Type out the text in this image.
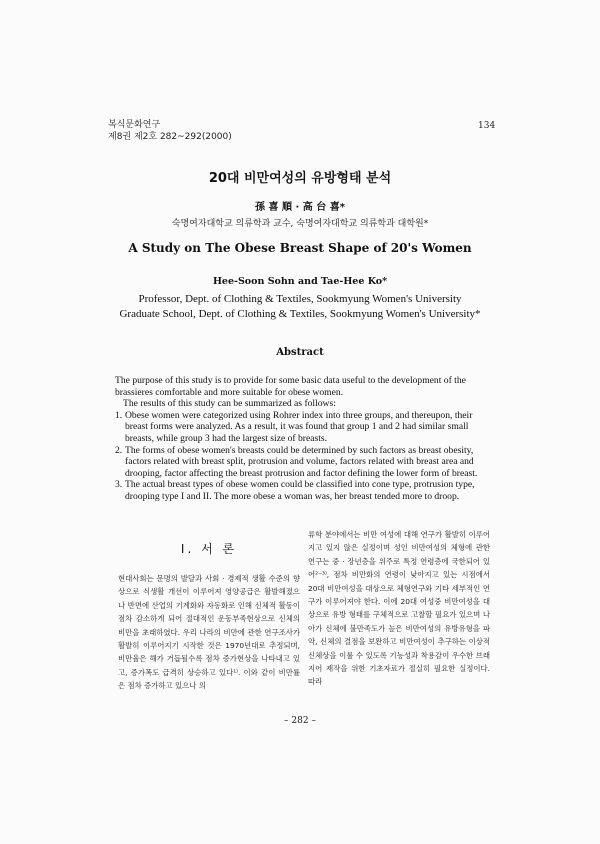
복식문화연구
제8권 제2호 282~292(2000)
134
20대 비만여성의 유방형태 분석
孫 喜 順 · 高 台 喜*
숙명여자대학교 의류학과 교수, 숙명여자대학교 의류학과 대학원*
A Study on The Obese Breast Shape of 20's Women
Hee-Soon Sohn and Tae-Hee Ko*
Professor, Dept. of Clothing & Textiles, Sookmyung Women's University
Graduate School, Dept. of Clothing & Textiles, Sookmyung Women's University*
Abstract

The purpose of this study is to provide for some basic data useful to the development of the brassieres comfortable and more suitable for obese women.

The results of this study can be summarized as follows:

1. Obese women were categorized using Rohrer index into three groups, and thereupon, their breast forms were analyzed. As a result, it was found that group 1 and 2 had similar small breasts, while group 3 had the largest size of breasts.
2. The forms of obese women's breasts could be determined by such factors as breast obesity, factors related with breast split, protrusion and volume, factors related with breast area and drooping, factor affecting the breast protrusion and factor defining the lower form of breast.
3. The actual breast types of obese women could be classified into cone type, protrusion type, drooping type I and II. The more obese a woman was, her breast tended more to droop.
Ⅰ. 서 론

현대사회는 문명의 발달과 사회 · 경제적 생활 수준의 향상으로 식생활 개선이 이루어져 영양공급은 활발해졌으나 반면에 산업의 기계화와 자동화로 인해 신체적 활동이 점차 감소하게 되어 절대적인 운동부족현상으로 신체의 비만을 초래하였다. 우리 나라의 비만에 관한 연구조사가 활발히 이루어지기 시작한 것은 1970년대로 추정되며, 비만율은 해가 거듭될수록 점차 증가현상을 나타내고 있고, 증가폭도 급격히 상승하고 있다¹⁾. 이와 같이 비만률은 점차 증가하고 있으나 의

류학 분야에서는 비만 여성에 대해 연구가 활발히 이루어지고 있지 않은 실정이며 성인 비만여성의 체형에 관한 연구는 중 · 장년층을 위주로 특정 연령층에 국한되어 있어²⁻³⁾, 점차 비만화의 연령이 낮아지고 있는 시점에서 20대 비만여성을 대상으로 체형연구와 기타 세부적인 연구가 이루어져야 한다. 이에 20대 여성중 비만여성을 대상으로 유방 형태를 구체적으로 고찰할 필요가 있으며 나아가 신체에 불만족도가 높은 비만여성의 유방유형을 파악, 신체의 결점을 보완하고 비만여성이 추구하는 이상적 신체상을 이룰 수 있도록 기능성과 착용감이 우수한 브래지어 제작을 위한 기초자료가 절실히 필요한 실정이다. 따라

– 282 –
